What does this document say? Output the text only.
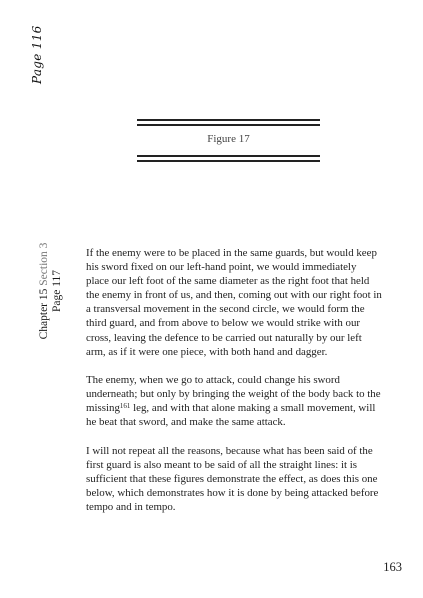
Page 116
Figure 17
Chapter 15 Section 3
Page 117

If the enemy were to be placed in the same guards, but would keep his sword fixed on our left-hand point, we would immediately place our left foot of the same diameter as the right foot that held the enemy in front of us, and then, coming out with our right foot in a transversal movement in the second circle, we would form the third guard, and from above to below we would strike with our cross, leaving the defence to be carried out naturally by our left arm, as if it were one piece, with both hand and dagger.

The enemy, when we go to attack, could change his sword underneath; but only by bringing the weight of the body back to the missing$^{161}$ leg, and with that alone making a small movement, will he beat that sword, and make the same attack.

I will not repeat all the reasons, because what has been said of the first guard is also meant to be said of all the straight lines: it is sufficient that these figures demonstrate the effect, as does this one below, which demonstrates how it is done by being attacked before tempo and in tempo.

163
